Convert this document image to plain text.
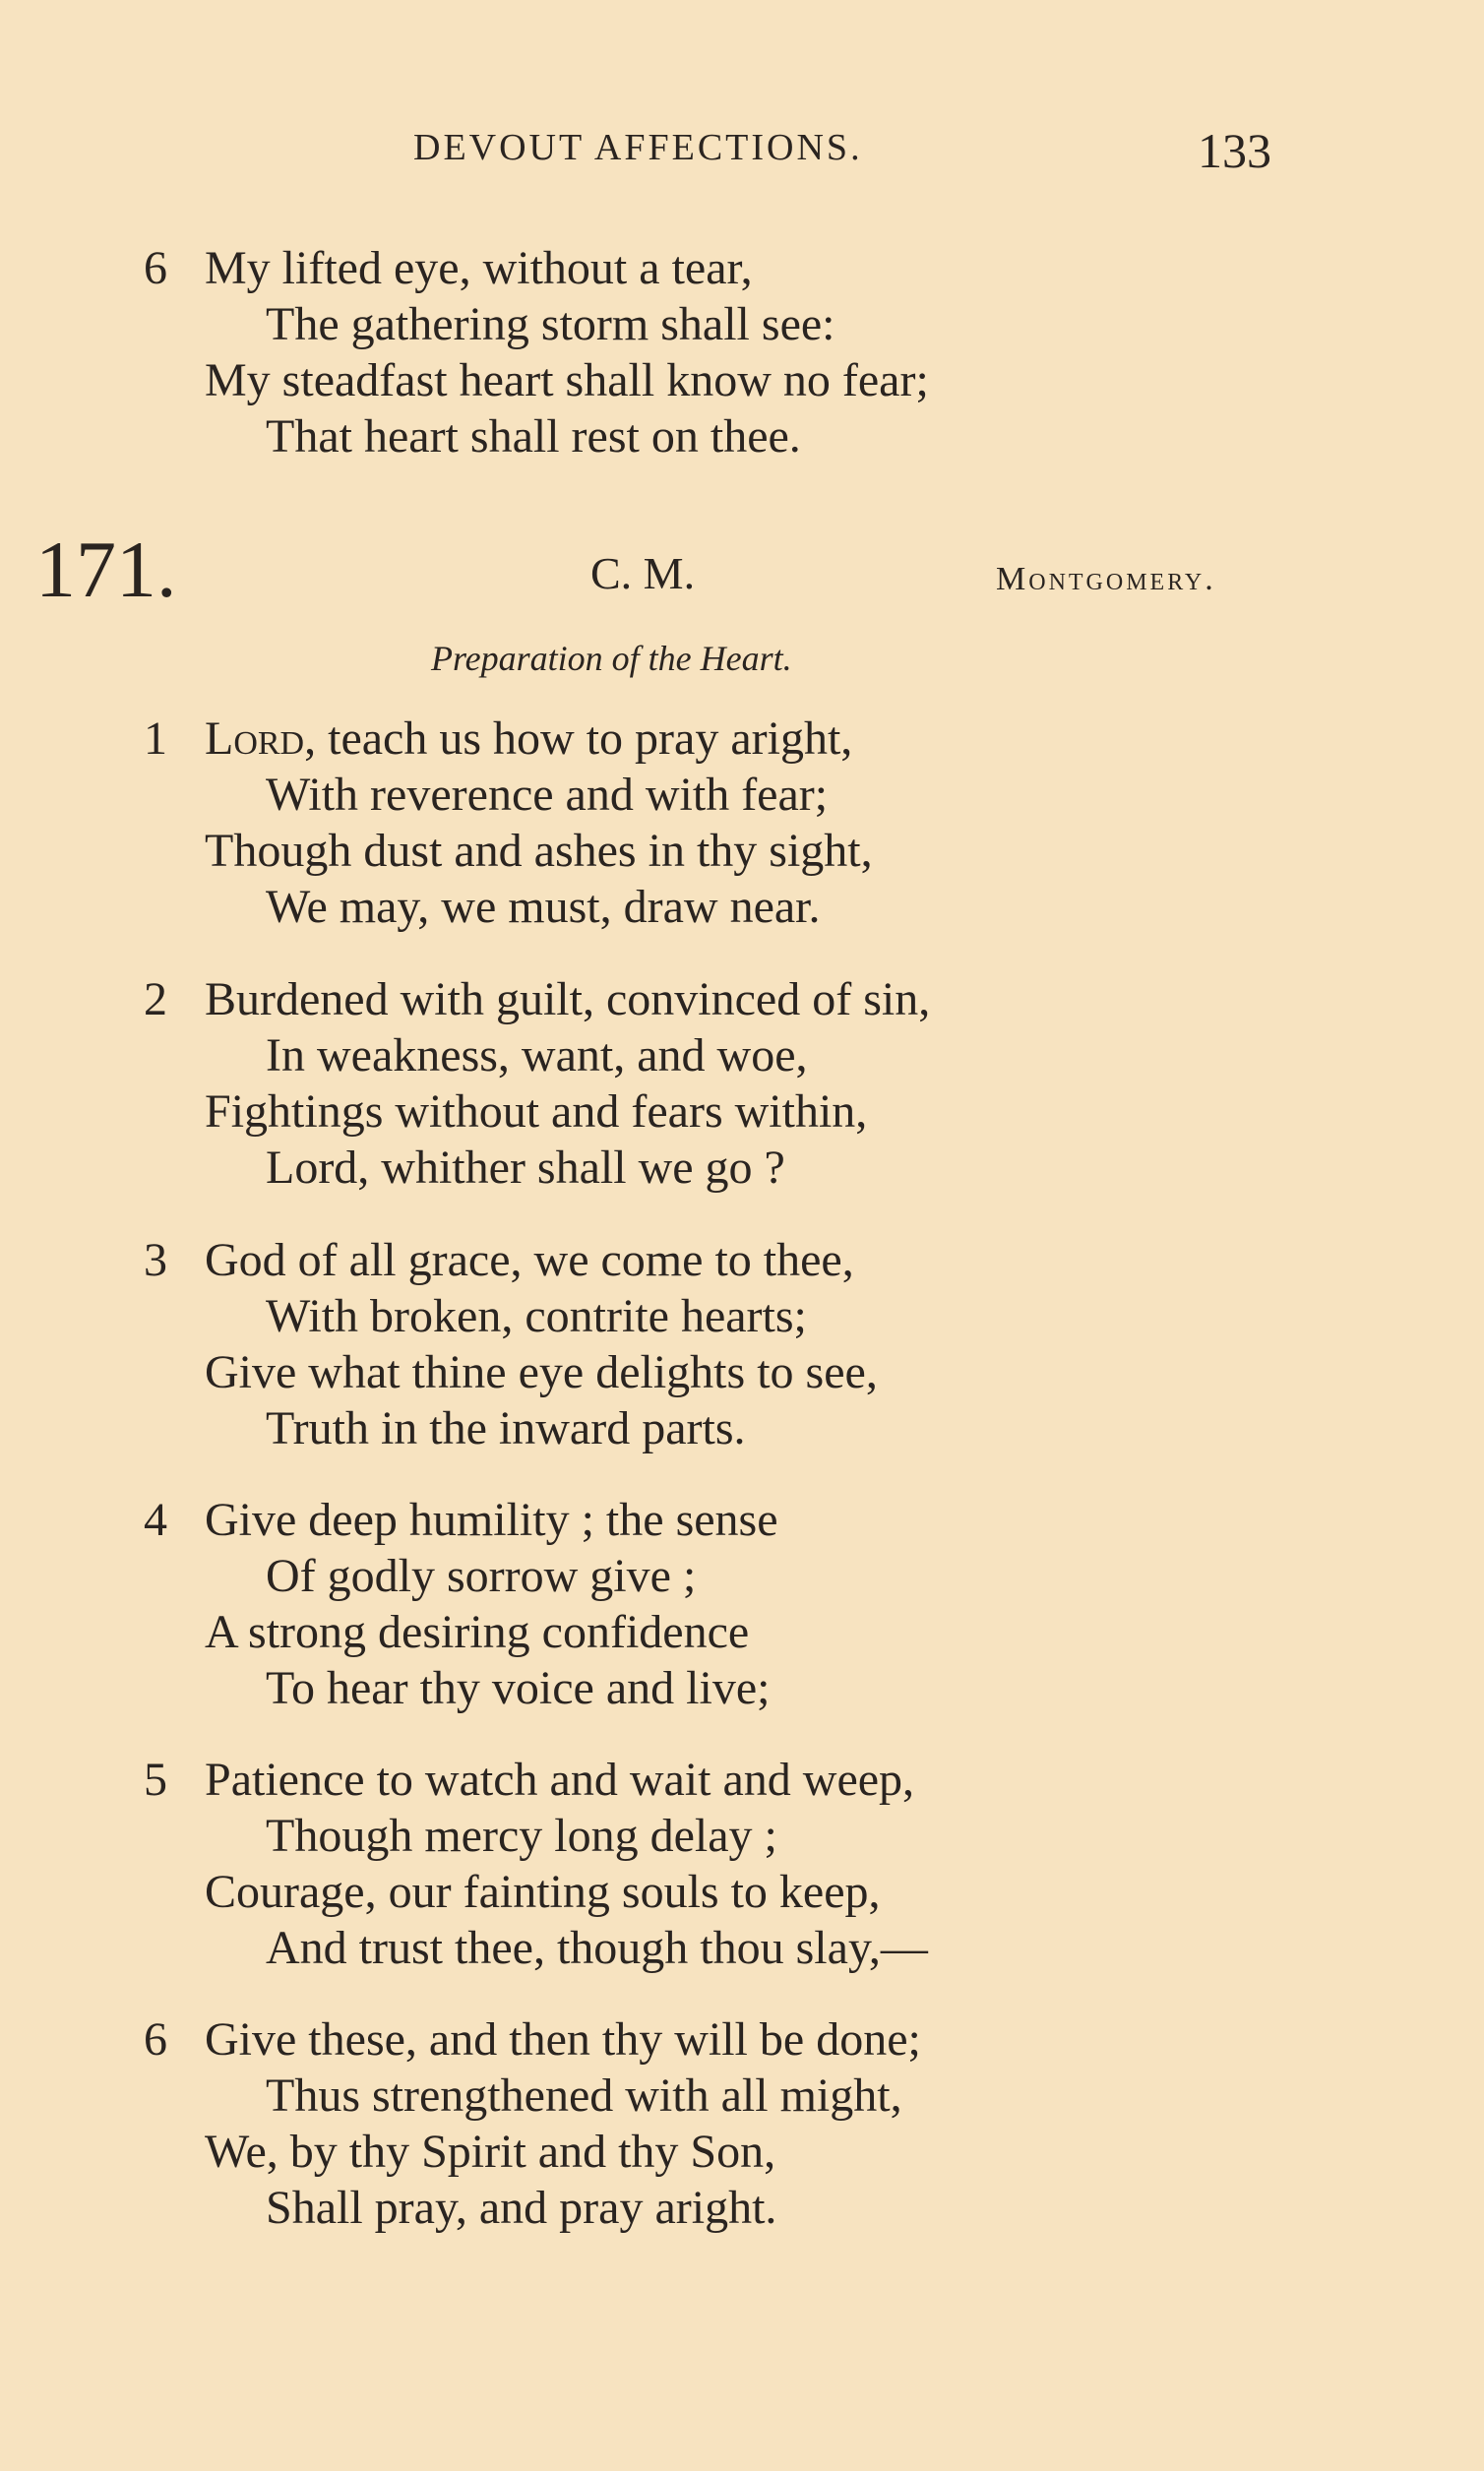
DEVOUT AFFECTIONS.	133
6 My lifted eye, without a tear,
The gathering storm shall see:
My steadfast heart shall know no fear;
That heart shall rest on thee.
171.	C. M.	Montgomery.
Preparation of the Heart.
1 Lord, teach us how to pray aright,
With reverence and with fear;
Though dust and ashes in thy sight,
We may, we must, draw near.
2 Burdened with guilt, convinced of sin,
In weakness, want, and woe,
Fightings without and fears within,
Lord, whither shall we go ?
3 God of all grace, we come to thee,
With broken, contrite hearts;
Give what thine eye delights to see,
Truth in the inward parts.
4 Give deep humility ; the sense
Of godly sorrow give ;
A strong desiring confidence
To hear thy voice and live;
5 Patience to watch and wait and weep,
Though mercy long delay ;
Courage, our fainting souls to keep,
And trust thee, though thou slay,—
6 Give these, and then thy will be done;
Thus strengthened with all might,
We, by thy Spirit and thy Son,
Shall pray, and pray aright.
